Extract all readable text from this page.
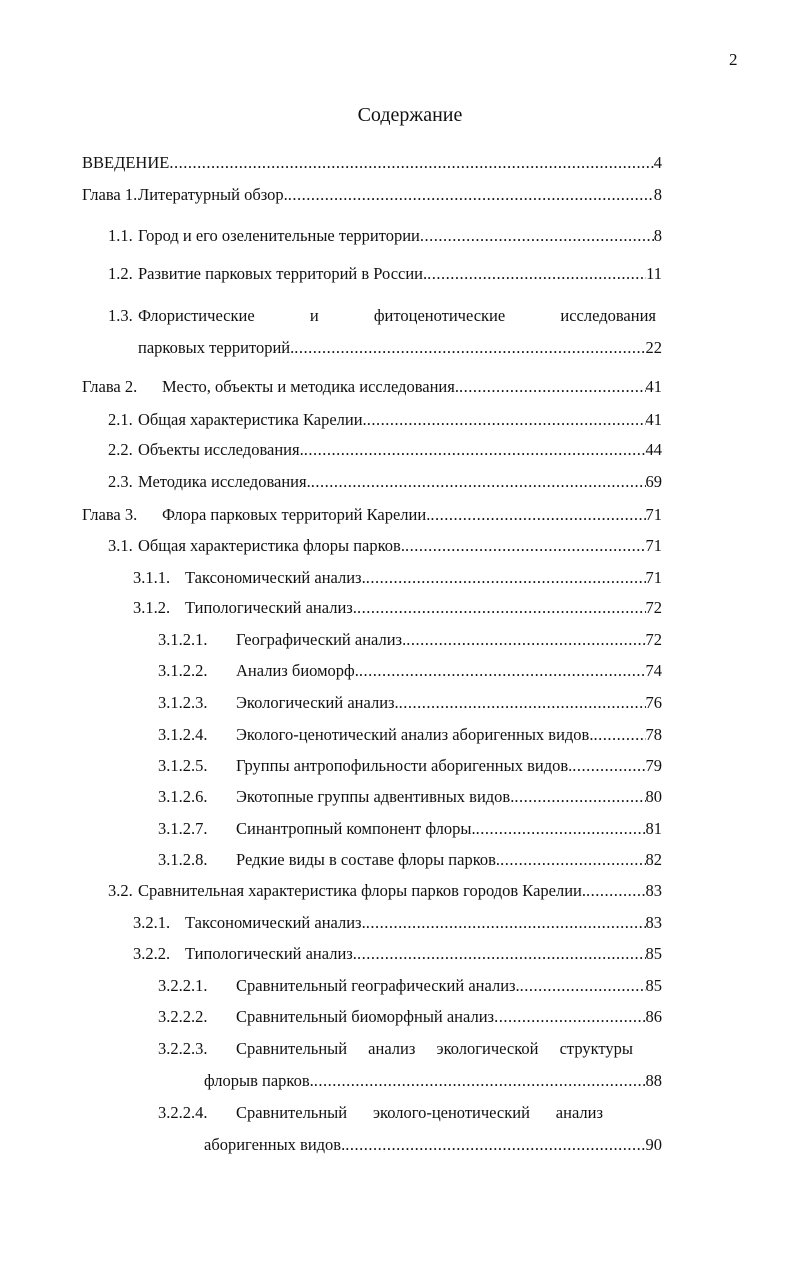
2
Содержание
ВВЕДЕНИЕ .....	4
Глава 1. Литературный обзор. .....	8
1.1. Город и его озеленительные территории .....	8
1.2. Развитие парковых территорий в России. .....	11
1.3. Флористические и фитоценотические исследования
парковых территорий. .....	22
Глава 2.	Место, объекты и методика исследования. .....	41
2.1. Общая характеристика Карелии. .....	41
2.2. Объекты исследования. .....	44
2.3. Методика исследования. .....	69
Глава 3.	Флора парковых территорий Карелии. .....	71
3.1. Общая характеристика флоры парков. .....	71
3.1.1. Таксономический анализ. .....	71
3.1.2. Типологический анализ. .....	72
3.1.2.1.	Географический анализ. .....	72
3.1.2.2.	Анализ биоморф. .....	74
3.1.2.3.	Экологический анализ. .....	76
3.1.2.4.	Эколого-ценотический анализ аборигенных видов. .....	78
3.1.2.5.	Группы антропофильности аборигенных видов. .....	79
3.1.2.6.	Экотопные группы адвентивных видов. .....	80
3.1.2.7.	Синантропный компонент флоры. .....	81
3.1.2.8.	Редкие виды в составе флоры парков. .....	82
3.2. Сравнительная характеристика флоры парков городов Карелии. .....	83
3.2.1. Таксономический анализ. .....	83
3.2.2. Типологический анализ. .....	85
3.2.2.1.	Сравнительный географический анализ. .....	85
3.2.2.2.	Сравнительный биоморфный анализ .....	86
3.2.2.3.	Сравнительный анализ экологической структуры
флорыв парков. .....	88
3.2.2.4.	Сравнительный эколого-ценотический анализ
аборигенных видов. .....	90
